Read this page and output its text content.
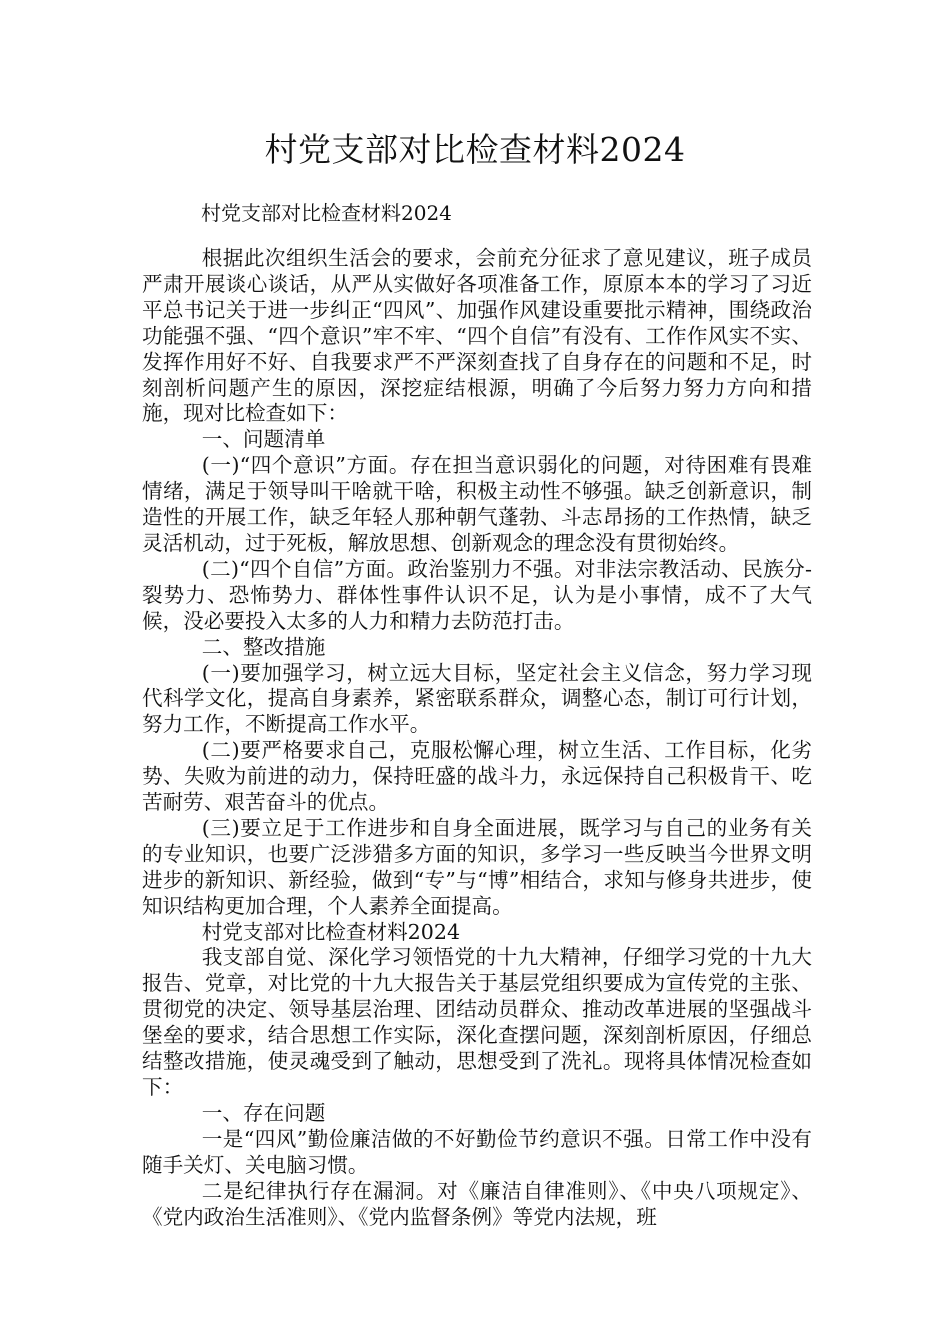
村党支部对比检查材料2024
村党支部对比检查材料2024

根据此次组织生活会的要求，会前充分征求了意见建议，班子成员严肃开展谈心谈话，从严从实做好各项准备工作，原原本本的学习了习近平总书记关于进一步纠正“四风”、加强作风建设重要批示精神，围绕政治功能强不强、“四个意识”牢不牢、“四个自信”有没有、工作作风实不实、发挥作用好不好、自我要求严不严深刻查找了自身存在的问题和不足，时刻剖析问题产生的原因，深挖症结根源，明确了今后努力努力方向和措施，现对比检查如下：

一、问题清单

(一)“四个意识”方面。存在担当意识弱化的问题，对待困难有畏难情绪，满足于领导叫干啥就干啥，积极主动性不够强。缺乏创新意识，制造性的开展工作，缺乏年轻人那种朝气蓬勃、斗志昂扬的工作热情，缺乏灵活机动，过于死板，解放思想、创新观念的理念没有贯彻始终。

(二)“四个自信”方面。政治鉴别力不强。对非法宗教活动、民族分-裂势力、恐怖势力、群体性事件认识不足，认为是小事情，成不了大气候，没必要投入太多的人力和精力去防范打击。

二、整改措施

(一)要加强学习，树立远大目标，坚定社会主义信念，努力学习现代科学文化，提高自身素养，紧密联系群众，调整心态，制订可行计划，努力工作，不断提高工作水平。

(二)要严格要求自己，克服松懈心理，树立生活、工作目标，化劣势、失败为前进的动力，保持旺盛的战斗力，永远保持自己积极肯干、吃苦耐劳、艰苦奋斗的优点。

(三)要立足于工作进步和自身全面进展，既学习与自己的业务有关的专业知识，也要广泛涉猎多方面的知识，多学习一些反映当今世界文明进步的新知识、新经验，做到“专”与“博”相结合，求知与修身共进步，使知识结构更加合理，个人素养全面提高。

村党支部对比检查材料2024

我支部自觉、深化学习领悟党的十九大精神，仔细学习党的十九大报告、党章，对比党的十九大报告关于基层党组织要成为宣传党的主张、贯彻党的决定、领导基层治理、团结动员群众、推动改革进展的坚强战斗堡垒的要求，结合思想工作实际，深化查摆问题，深刻剖析原因，仔细总结整改措施，使灵魂受到了触动，思想受到了洗礼。现将具体情况检查如下：

一、存在问题

一是“四风”勤俭廉洁做的不好勤俭节约意识不强。日常工作中没有随手关灯、关电脑习惯。

二是纪律执行存在漏洞。对《廉洁自律准则》、《中央八项规定》、《党内政治生活准则》、《党内监督条例》等党内法规，班
